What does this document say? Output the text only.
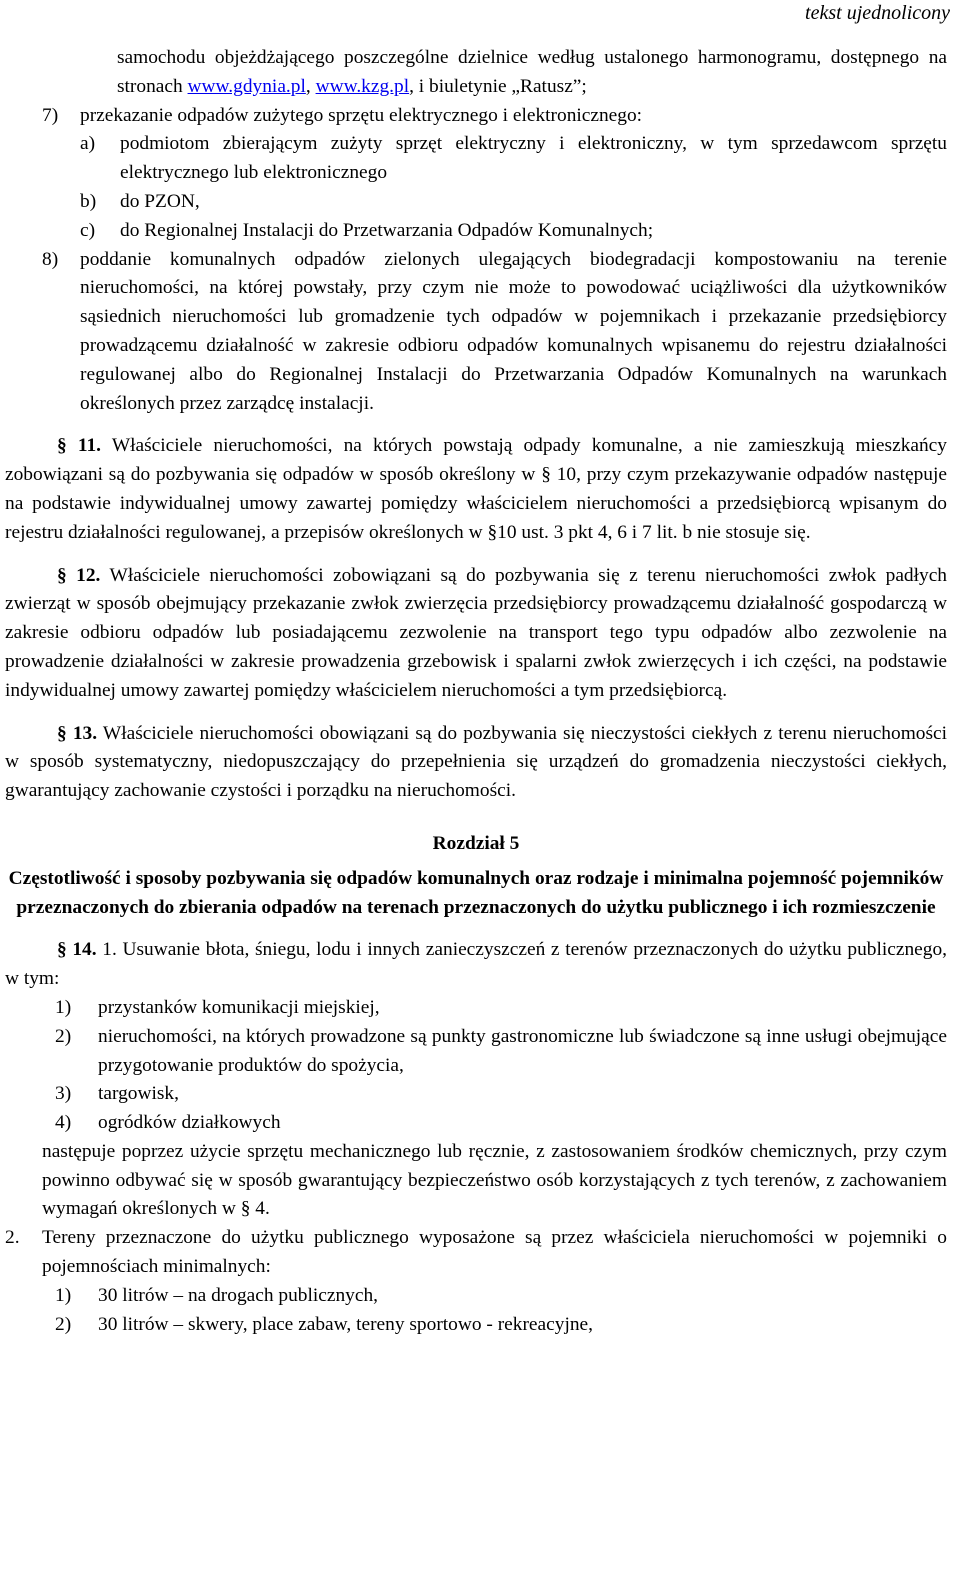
tekst ujednolicony
samochodu objeżdżającego poszczególne dzielnice według ustalonego harmonogramu, dostępnego na stronach www.gdynia.pl, www.kzg.pl, i biuletynie „Ratusz”;
7)	przekazanie odpadów zużytego sprzętu elektrycznego i elektronicznego:
a)	podmiotom zbierającym zużyty sprzęt elektryczny i elektroniczny, w tym sprzedawcom sprzętu elektrycznego lub elektronicznego
b)	do PZON,
c)	do Regionalnej Instalacji do Przetwarzania Odpadów Komunalnych;
8)	poddanie komunalnych odpadów zielonych ulegających biodegradacji kompostowaniu na terenie nieruchomości, na której powstały, przy czym nie może to powodować uciążliwości dla użytkowników sąsiednich nieruchomości lub gromadzenie tych odpadów w pojemnikach i przekazanie przedsiębiorcy prowadzącemu działalność w zakresie odbioru odpadów komunalnych wpisanemu do rejestru działalności regulowanej albo do Regionalnej Instalacji do Przetwarzania Odpadów Komunalnych na warunkach określonych przez zarządcę instalacji.
§ 11. Właściciele nieruchomości, na których powstają odpady komunalne, a nie zamieszkują mieszkańcy zobowiązani są do pozbywania się odpadów w sposób określony w § 10, przy czym przekazywanie odpadów następuje na podstawie indywidualnej umowy zawartej pomiędzy właścicielem nieruchomości a przedsiębiorcą wpisanym do rejestru działalności regulowanej, a przepisów określonych w §10 ust. 3 pkt 4, 6 i 7 lit. b nie stosuje się.
§ 12. Właściciele nieruchomości zobowiązani są do pozbywania się z terenu nieruchomości zwłok padłych zwierząt w sposób obejmujący przekazanie zwłok zwierzęcia przedsiębiorcy prowadzącemu działalność gospodarczą w zakresie odbioru odpadów lub posiadającemu zezwolenie na transport tego typu odpadów albo zezwolenie na prowadzenie działalności w zakresie prowadzenia grzebowisk i spalarni zwłok zwierzęcych i ich części, na podstawie indywidualnej umowy zawartej pomiędzy właścicielem nieruchomości a tym przedsiębiorcą.
§ 13. Właściciele nieruchomości obowiązani są do pozbywania się nieczystości ciekłych z terenu nieruchomości w sposób systematyczny, niedopuszczający do przepełnienia się urządzeń do gromadzenia nieczystości ciekłych, gwarantujący zachowanie czystości i porządku na nieruchomości.
Rozdział 5
Częstotliwość i sposoby pozbywania się odpadów komunalnych oraz rodzaje i minimalna pojemność pojemników przeznaczonych do zbierania odpadów na terenach przeznaczonych do użytku publicznego i ich rozmieszczenie
§ 14. 1. Usuwanie błota, śniegu, lodu i innych zanieczyszczeń z terenów przeznaczonych do użytku publicznego, w tym:
1)	przystanków komunikacji miejskiej,
2)	nieruchomości, na których prowadzone są punkty gastronomiczne lub świadczone są inne usługi obejmujące przygotowanie produktów do spożycia,
3)	targowisk,
4)	ogródków działkowych
następuje poprzez użycie sprzętu mechanicznego lub ręcznie, z zastosowaniem środków chemicznych, przy czym powinno odbywać się w sposób gwarantujący bezpieczeństwo osób korzystających z tych terenów, z zachowaniem wymagań określonych w § 4.
2.	Tereny przeznaczone do użytku publicznego wyposażone są przez właściciela nieruchomości w pojemniki o pojemnościach minimalnych:
1)	30 litrów – na drogach publicznych,
2)	30 litrów – skwery, place zabaw, tereny sportowo - rekreacyjne,
